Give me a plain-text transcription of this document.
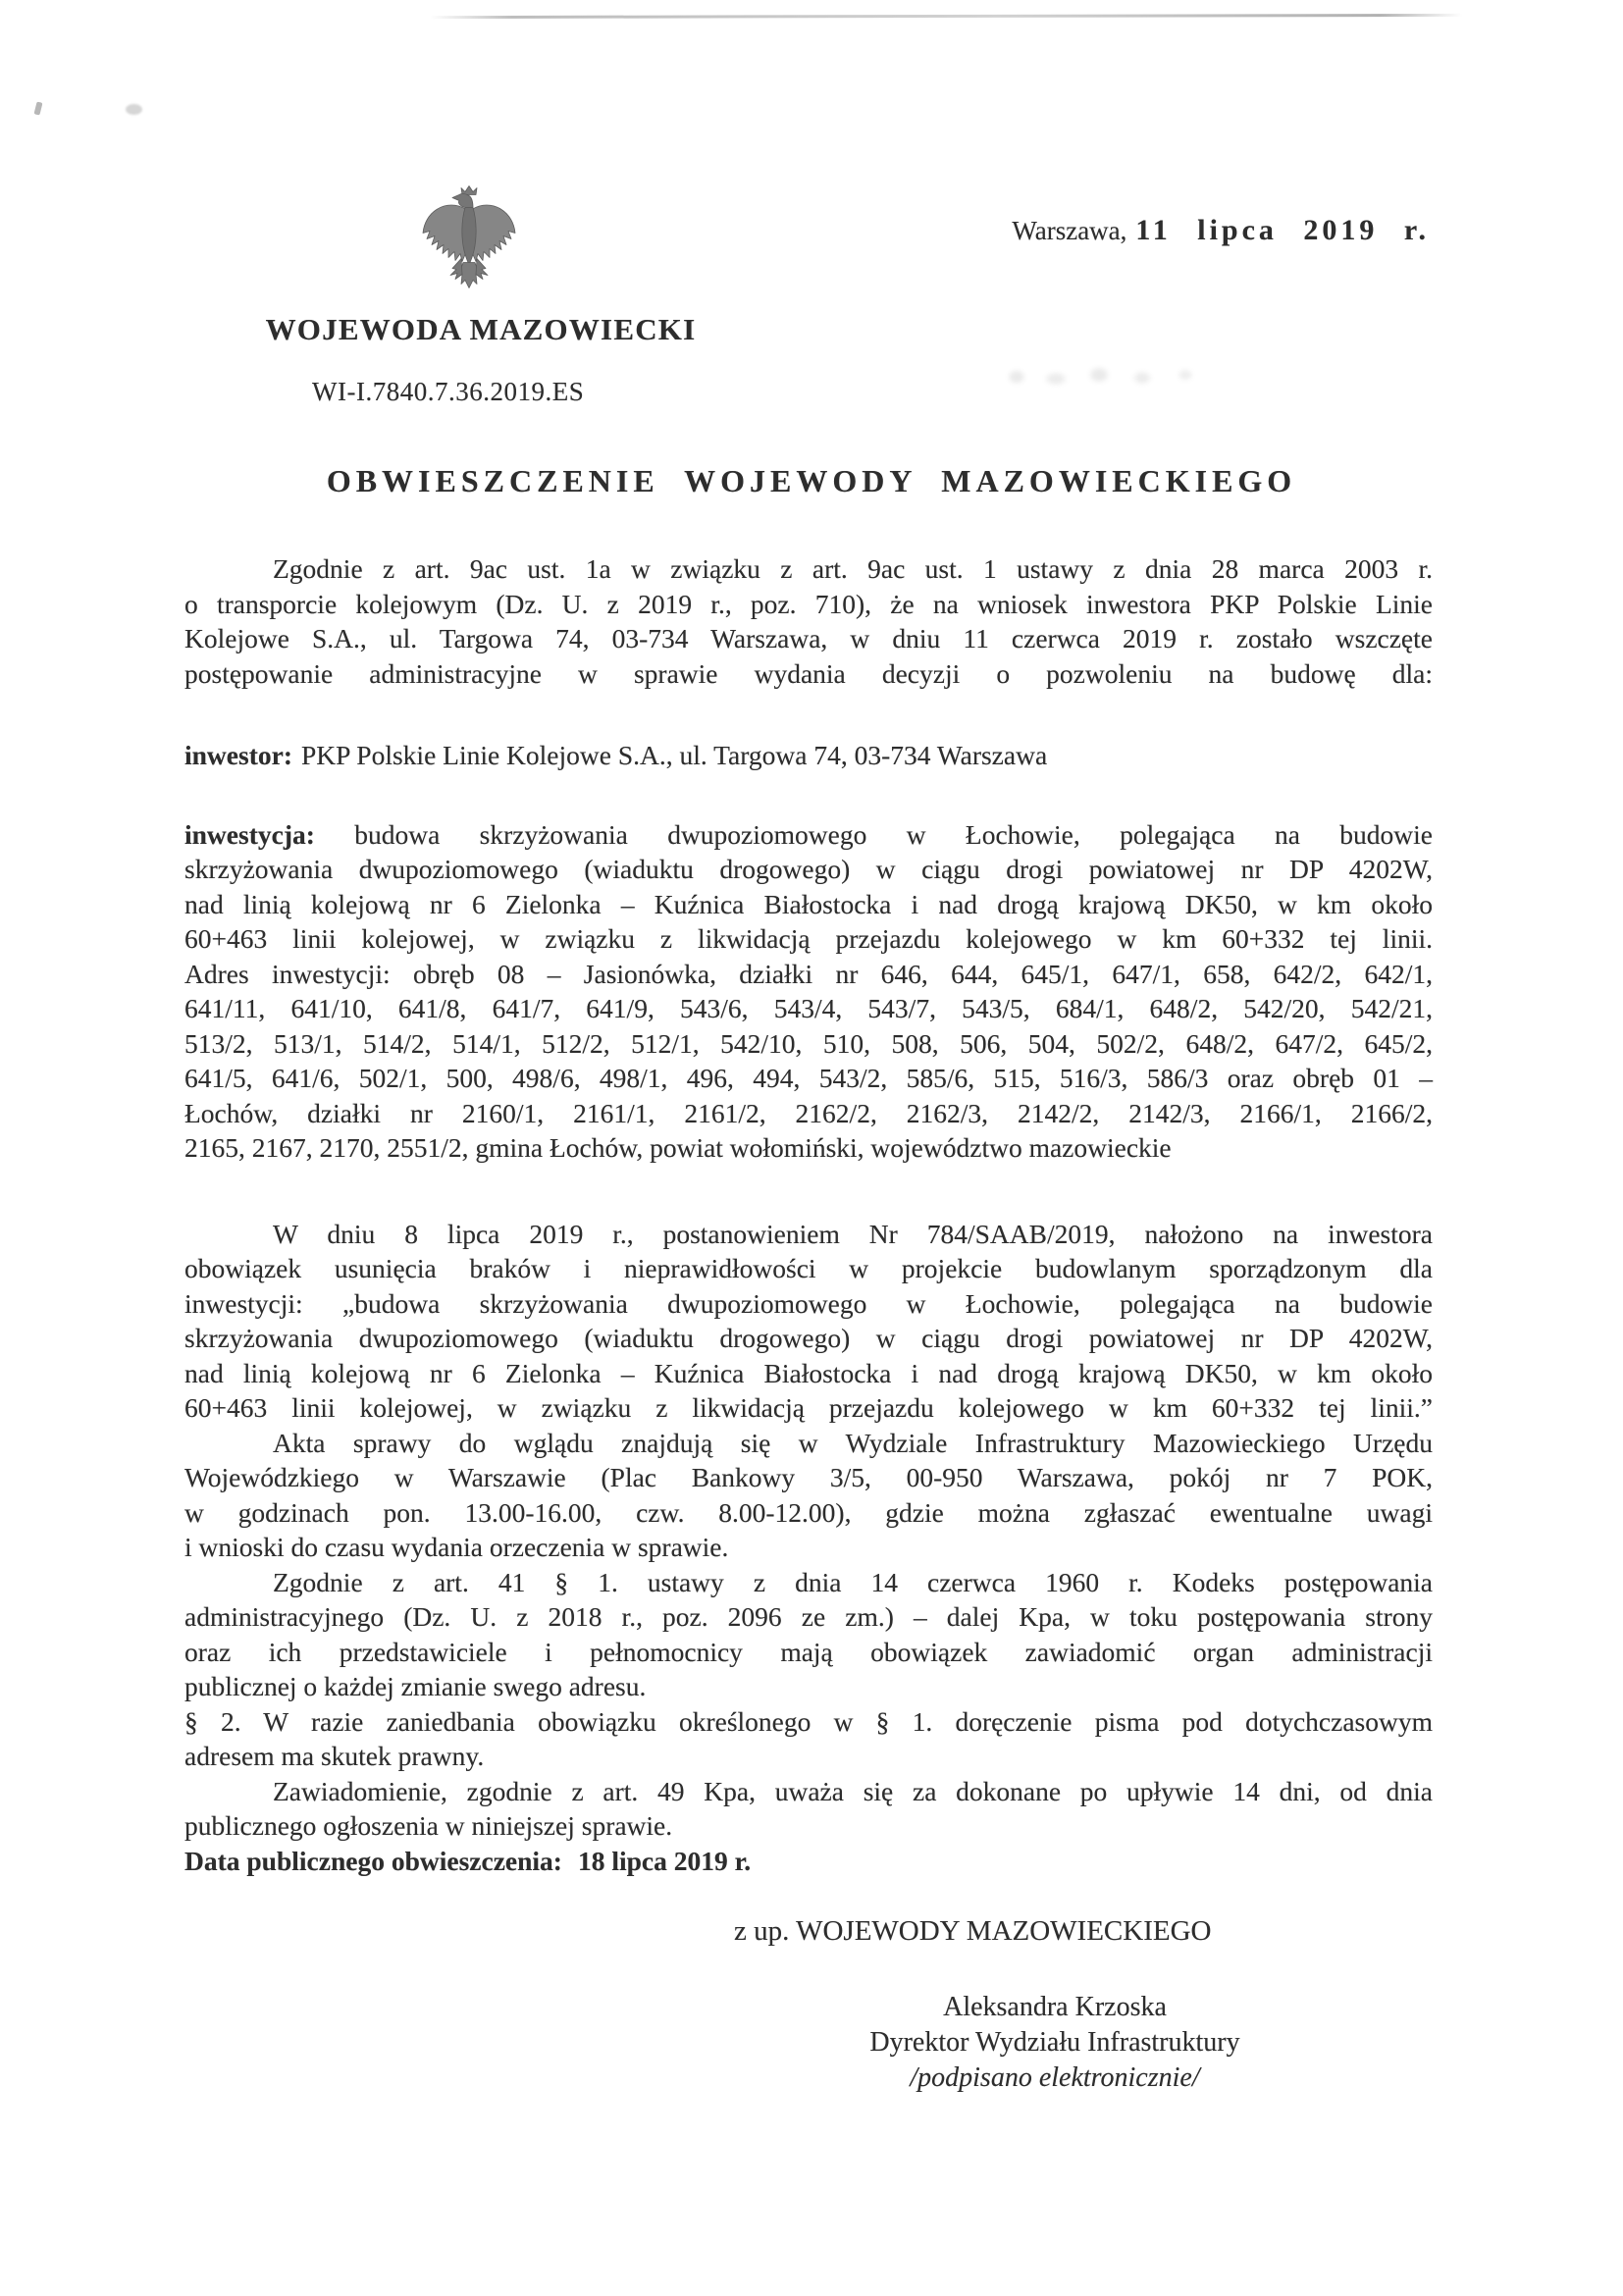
Warszawa, 11 lipca 2019 r.
WOJEWODA MAZOWIECKI
WI-I.7840.7.36.2019.ES
OBWIESZCZENIE WOJEWODY MAZOWIECKIEGO
Zgodnie z art. 9ac ust. 1a w związku z art. 9ac ust. 1 ustawy z dnia 28 marca 2003 r.
o transporcie kolejowym (Dz. U. z 2019 r., poz. 710), że na wniosek inwestora PKP Polskie Linie
Kolejowe S.A., ul. Targowa 74, 03-734 Warszawa, w dniu 11 czerwca 2019 r. zostało wszczęte
postępowanie administracyjne w sprawie wydania decyzji o pozwoleniu na budowę dla:
inwestor: PKP Polskie Linie Kolejowe S.A., ul. Targowa 74, 03-734 Warszawa
inwestycja: budowa skrzyżowania dwupoziomowego w Łochowie, polegająca na budowie
skrzyżowania dwupoziomowego (wiaduktu drogowego) w ciągu drogi powiatowej nr DP 4202W,
nad linią kolejową nr 6 Zielonka – Kuźnica Białostocka i nad drogą krajową DK50, w km około
60+463 linii kolejowej, w związku z likwidacją przejazdu kolejowego w km 60+332 tej linii.
Adres inwestycji: obręb 08 – Jasionówka, działki nr 646, 644, 645/1, 647/1, 658, 642/2, 642/1,
641/11, 641/10, 641/8, 641/7, 641/9, 543/6, 543/4, 543/7, 543/5, 684/1, 648/2, 542/20, 542/21,
513/2, 513/1, 514/2, 514/1, 512/2, 512/1, 542/10, 510, 508, 506, 504, 502/2, 648/2, 647/2, 645/2,
641/5, 641/6, 502/1, 500, 498/6, 498/1, 496, 494, 543/2, 585/6, 515, 516/3, 586/3 oraz obręb 01 –
Łochów, działki nr 2160/1, 2161/1, 2161/2, 2162/2, 2162/3, 2142/2, 2142/3, 2166/1, 2166/2,
2165, 2167, 2170, 2551/2, gmina Łochów, powiat wołomiński, województwo mazowieckie
W dniu 8 lipca 2019 r., postanowieniem Nr 784/SAAB/2019, nałożono na inwestora
obowiązek usunięcia braków i nieprawidłowości w projekcie budowlanym sporządzonym dla
inwestycji: „budowa skrzyżowania dwupoziomowego w Łochowie, polegająca na budowie
skrzyżowania dwupoziomowego (wiaduktu drogowego) w ciągu drogi powiatowej nr DP 4202W,
nad linią kolejową nr 6 Zielonka – Kuźnica Białostocka i nad drogą krajową DK50, w km około
60+463 linii kolejowej, w związku z likwidacją przejazdu kolejowego w km 60+332 tej linii.”
Akta sprawy do wglądu znajdują się w Wydziale Infrastruktury Mazowieckiego Urzędu
Wojewódzkiego w Warszawie (Plac Bankowy 3/5, 00-950 Warszawa, pokój nr 7 POK,
w godzinach pon. 13.00-16.00, czw. 8.00-12.00), gdzie można zgłaszać ewentualne uwagi
i wnioski do czasu wydania orzeczenia w sprawie.
Zgodnie z art. 41 § 1. ustawy z dnia 14 czerwca 1960 r. Kodeks postępowania
administracyjnego (Dz. U. z 2018 r., poz. 2096 ze zm.) – dalej Kpa, w toku postępowania strony
oraz ich przedstawiciele i pełnomocnicy mają obowiązek zawiadomić organ administracji
publicznej o każdej zmianie swego adresu.
§ 2. W razie zaniedbania obowiązku określonego w § 1. doręczenie pisma pod dotychczasowym
adresem ma skutek prawny.
Zawiadomienie, zgodnie z art. 49 Kpa, uważa się za dokonane po upływie 14 dni, od dnia
publicznego ogłoszenia w niniejszej sprawie.
Data publicznego obwieszczenia: 18 lipca 2019 r.
z up. WOJEWODY MAZOWIECKIEGO
Aleksandra Krzoska
Dyrektor Wydziału Infrastruktury
/podpisano elektronicznie/
